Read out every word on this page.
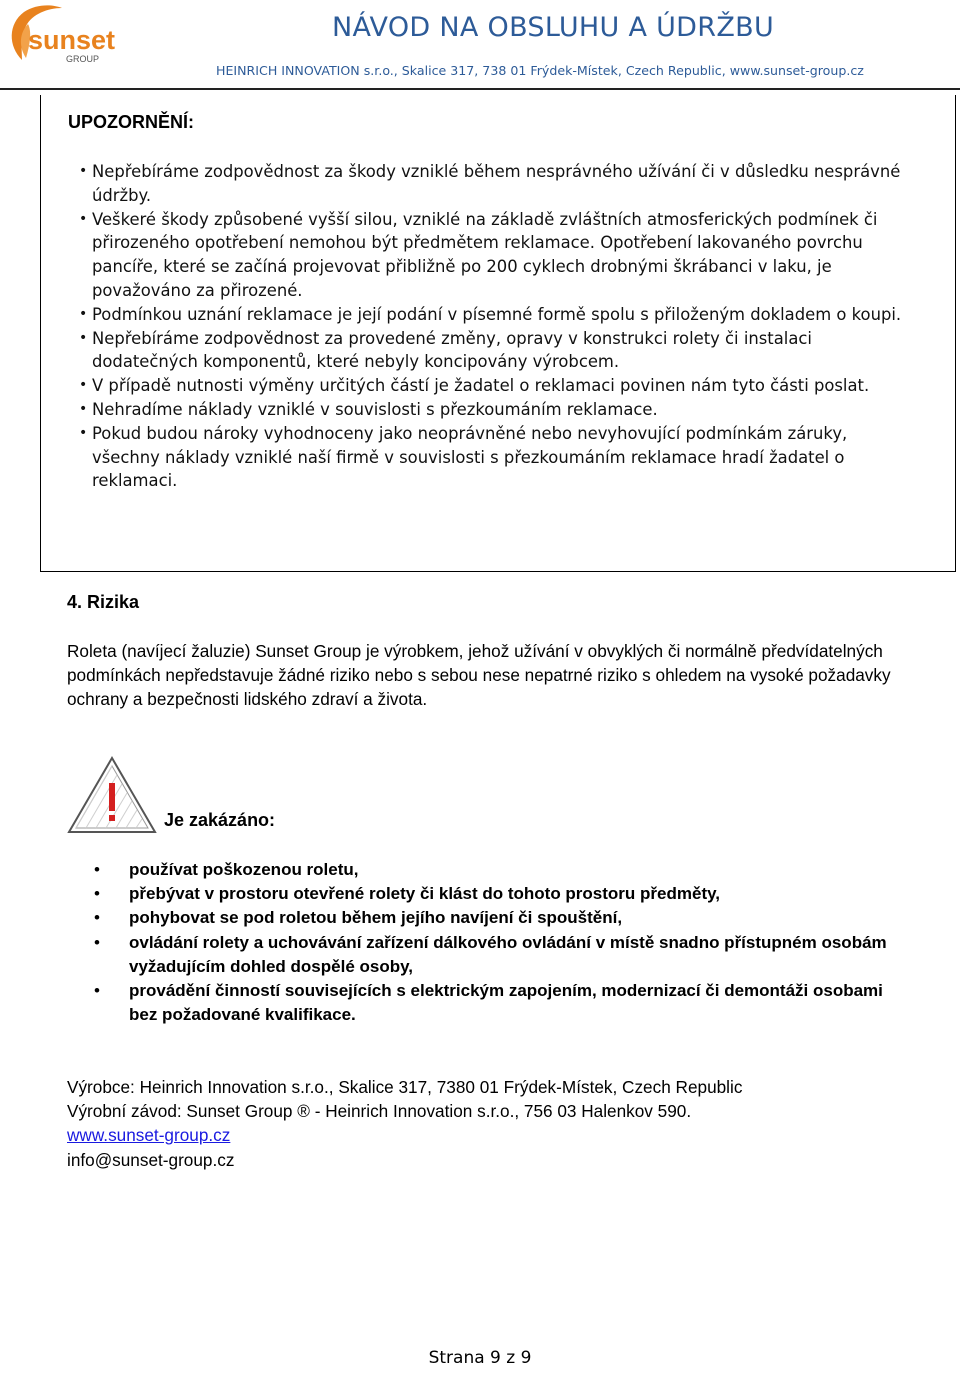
sunset
GROUP
NÁVOD NA OBSLUHU A ÚDRŽBU
HEINRICH INNOVATION s.r.o., Skalice 317, 738 01 Frýdek-Místek, Czech Republic, www.sunset-group.cz
UPOZORNĚNÍ:
• Nepřebíráme zodpovědnost za škody vzniklé během nesprávného užívání či v důsledku nesprávné údržby.
• Veškeré škody způsobené vyšší silou, vzniklé na základě zvláštních atmosferických podmínek či přirozeného opotřebení nemohou být předmětem reklamace. Opotřebení lakovaného povrchu pancíře, které se začíná projevovat přibližně po 200 cyklech drobnými škrábanci v laku, je považováno za přirozené.
• Podmínkou uznání reklamace je její podání v písemné formě spolu s přiloženým dokladem o koupi.
• Nepřebíráme zodpovědnost za provedené změny, opravy v konstrukci rolety či instalaci dodatečných komponentů, které nebyly koncipovány výrobcem.
• V případě nutnosti výměny určitých částí je žadatel o reklamaci povinen nám tyto části poslat.
• Nehradíme náklady vzniklé v souvislosti s přezkoumáním reklamace.
• Pokud budou nároky vyhodnoceny jako neoprávněné nebo nevyhovující podmínkám záruky, všechny náklady vzniklé naší firmě v souvislosti s přezkoumáním reklamace hradí žadatel o reklamaci.
4. Rizika
Roleta (navíjecí žaluzie) Sunset Group je výrobkem, jehož užívání v obvyklých či normálně předvídatelných podmínkách nepředstavuje žádné riziko nebo s sebou nese nepatrné riziko s ohledem na vysoké požadavky ochrany a bezpečnosti lidského zdraví a života.
Je zakázáno:
• používat poškozenou roletu,
• přebývat v prostoru otevřené rolety či klást do tohoto prostoru předměty,
• pohybovat se pod roletou během jejího navíjení či spouštění,
• ovládání rolety a uchovávání zařízení dálkového ovládání v místě snadno přístupném osobám vyžadujícím dohled dospělé osoby,
• provádění činností souvisejících s elektrickým zapojením, modernizací či demontáži osobami bez požadované kvalifikace.
Výrobce: Heinrich Innovation s.r.o., Skalice 317, 7380 01 Frýdek-Místek, Czech Republic
Výrobní závod: Sunset Group ® - Heinrich Innovation s.r.o., 756 03 Halenkov 590.
www.sunset-group.cz
info@sunset-group.cz
Strana 9 z 9
